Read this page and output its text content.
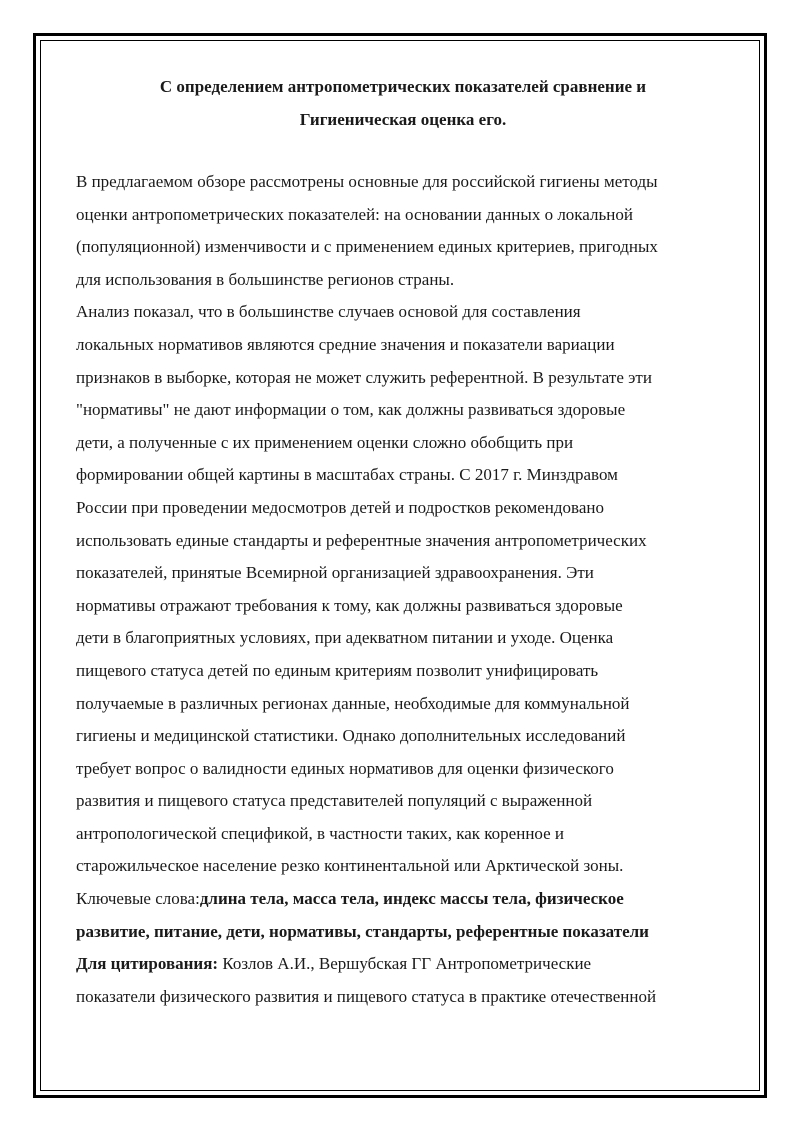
С определением антропометрических показателей сравнение и
Гигиеническая оценка его.
В предлагаемом обзоре рассмотрены основные для российской гигиены методы
оценки антропометрических показателей: на основании данных о локальной
(популяционной) изменчивости и с применением единых критериев, пригодных
для использования в большинстве регионов страны.
Анализ показал, что в большинстве случаев основой для составления
локальных нормативов являются средние значения и показатели вариации
признаков в выборке, которая не может служить референтной. В результате эти
"нормативы" не дают информации о том, как должны развиваться здоровые
дети, а полученные с их применением оценки сложно обобщить при
формировании общей картины в масштабах страны. С 2017 г. Минздравом
России при проведении медосмотров детей и подростков рекомендовано
использовать единые стандарты и референтные значения антропометрических
показателей, принятые Всемирной организацией здравоохранения. Эти
нормативы отражают требования к тому, как должны развиваться здоровые
дети в благоприятных условиях, при адекватном питании и уходе. Оценка
пищевого статуса детей по единым критериям позволит унифицировать
получаемые в различных регионах данные, необходимые для коммунальной
гигиены и медицинской статистики. Однако дополнительных исследований
требует вопрос о валидности единых нормативов для оценки физического
развития и пищевого статуса представителей популяций с выраженной
антропологической спецификой, в частности таких, как коренное и
старожильческое население резко континентальной или Арктической зоны.
Ключевые слова:длина тела, масса тела, индекс массы тела, физическое
развитие, питание, дети, нормативы, стандарты, референтные показатели
Для цитирования: Козлов А.И., Вершубская ГГ Антропометрические
показатели физического развития и пищевого статуса в практике отечественной
